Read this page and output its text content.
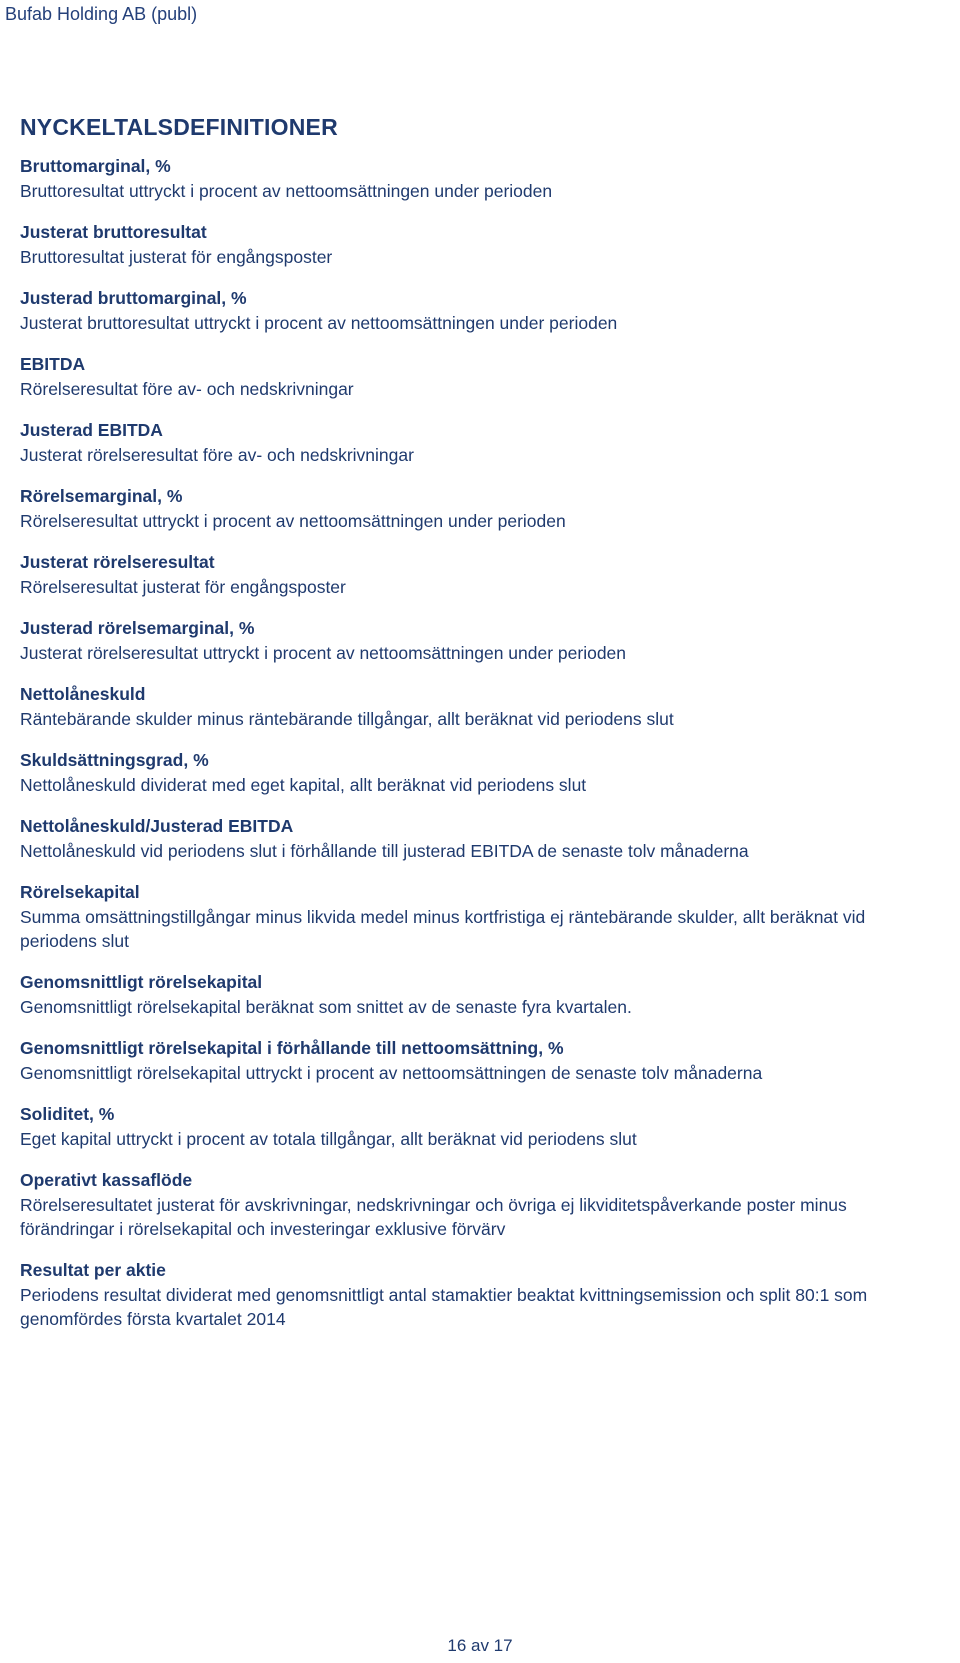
Bufab Holding AB (publ)
NYCKELTALSDEFINITIONER
Bruttomarginal, %
Bruttoresultat uttryckt i procent av nettoomsättningen under perioden
Justerat bruttoresultat
Bruttoresultat justerat för engångsposter
Justerad bruttomarginal, %
Justerat bruttoresultat uttryckt i procent av nettoomsättningen under perioden
EBITDA
Rörelseresultat före av- och nedskrivningar
Justerad EBITDA
Justerat rörelseresultat före av- och nedskrivningar
Rörelsemarginal, %
Rörelseresultat uttryckt i procent av nettoomsättningen under perioden
Justerat rörelseresultat
Rörelseresultat justerat för engångsposter
Justerad rörelsemarginal, %
Justerat rörelseresultat uttryckt i procent av nettoomsättningen under perioden
Nettolåneskuld
Räntebärande skulder minus räntebärande tillgångar, allt beräknat vid periodens slut
Skuldsättningsgrad, %
Nettolåneskuld dividerat med eget kapital, allt beräknat vid periodens slut
Nettolåneskuld/Justerad EBITDA
Nettolåneskuld vid periodens slut i förhållande till justerad EBITDA de senaste tolv månaderna
Rörelsekapital
Summa omsättningstillgångar minus likvida medel minus kortfristiga ej räntebärande skulder, allt beräknat vid periodens slut
Genomsnittligt rörelsekapital
Genomsnittligt rörelsekapital beräknat som snittet av de senaste fyra kvartalen.
Genomsnittligt rörelsekapital i förhållande till nettoomsättning, %
Genomsnittligt rörelsekapital uttryckt i procent av nettoomsättningen de senaste tolv månaderna
Soliditet, %
Eget kapital uttryckt i procent av totala tillgångar, allt beräknat vid periodens slut
Operativt kassaflöde
Rörelseresultatet justerat för avskrivningar, nedskrivningar och övriga ej likviditetspåverkande poster minus förändringar i rörelsekapital och investeringar exklusive förvärv
Resultat per aktie
Periodens resultat dividerat med genomsnittligt antal stamaktier beaktat kvittningsemission och split 80:1 som genomfördes första kvartalet 2014
16 av 17
